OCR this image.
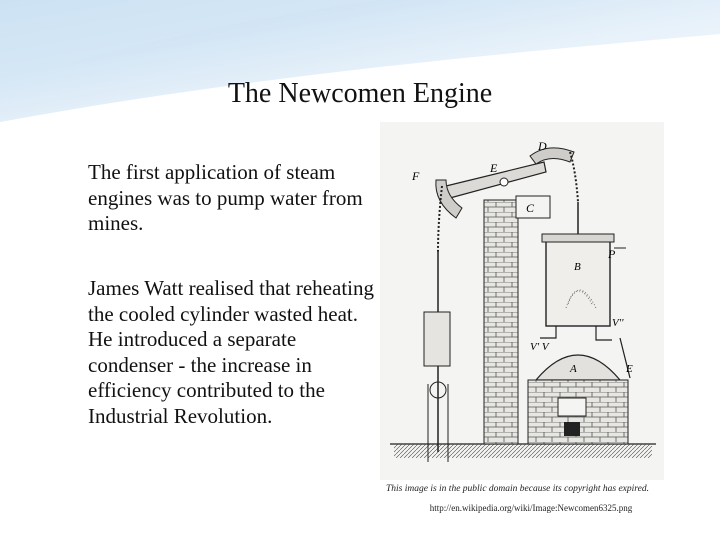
The Newcomen Engine
The first application of steam engines was to pump water from mines.
James Watt realised that reheating the cooled cylinder wasted heat. He introduced a separate condenser - the increase in efficiency contributed to the Industrial Revolution.
D
E
F
C
P
B
V''
V' V
A	E
This image is in the public domain because its copyright has expired.
http://en.wikipedia.org/wiki/Image:Newcomen6325.png
